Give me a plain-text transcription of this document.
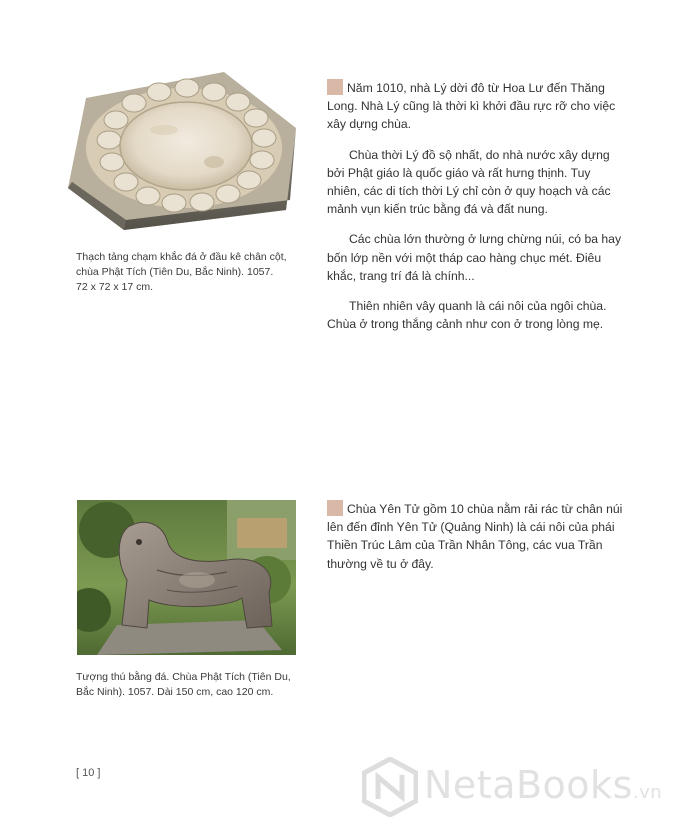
Thạch tảng chạm khắc đá ở đầu kê chân cột,
chùa Phật Tích (Tiên Du, Bắc Ninh). 1057.
72 x 72 x 17 cm.

Năm 1010, nhà Lý dời đô từ Hoa Lư đến Thăng Long. Nhà Lý cũng là thời kì khởi đầu rực rỡ cho việc xây dựng chùa.

Chùa thời Lý đồ sộ nhất, do nhà nước xây dựng bởi Phật giáo là quốc giáo và rất hưng thịnh. Tuy nhiên, các di tích thời Lý chỉ còn ở quy hoạch và các mảnh vụn kiến trúc bằng đá và đất nung.

Các chùa lớn thường ở lưng chừng núi, có ba hay bốn lớp nền với một tháp cao hàng chục mét. Điêu khắc, trang trí đá là chính...

Thiên nhiên vây quanh là cái nôi của ngôi chùa. Chùa ở trong thắng cảnh như con ở trong lòng mẹ.

Tượng thú bằng đá. Chùa Phật Tích (Tiên Du,
Bắc Ninh). 1057. Dài 150 cm, cao 120 cm.

Chùa Yên Tử gồm 10 chùa nằm rải rác từ chân núi lên đến đỉnh Yên Tử (Quảng Ninh) là cái nôi của phái Thiền Trúc Lâm của Trần Nhân Tông, các vua Trần thường về tu ở đây.

[ 10 ]	NetaBooks.vn
